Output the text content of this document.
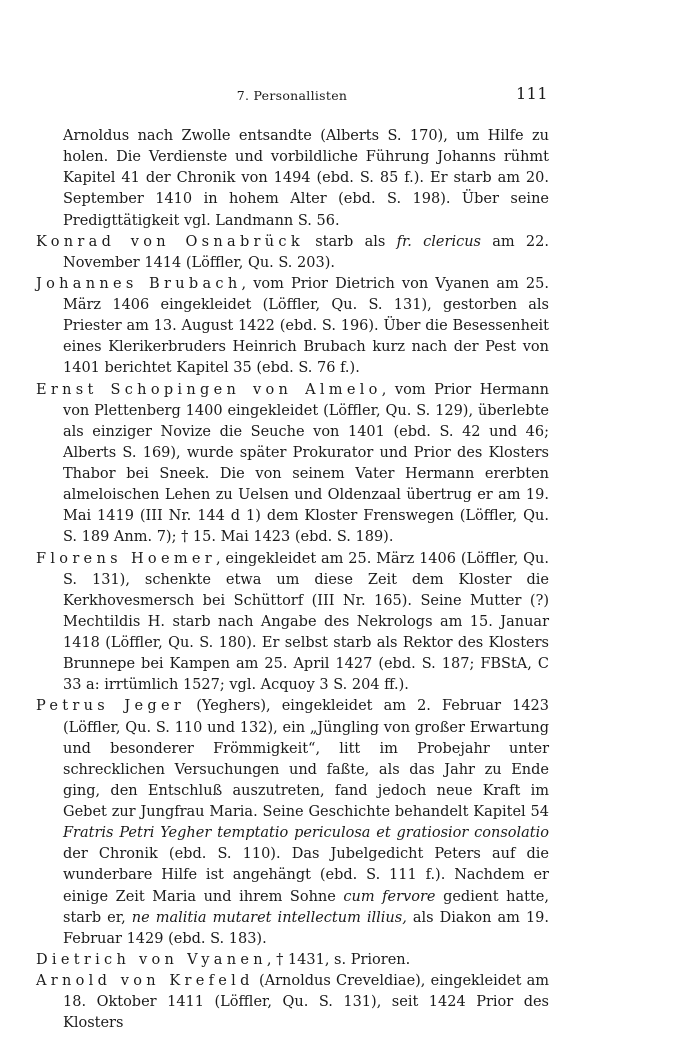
7. Personallisten	111

Arnoldus nach Zwolle entsandte (Alberts S. 170), um Hilfe zu holen. Die Verdienste und vorbildliche Führung Johanns rühmt Kapitel 41 der Chronik von 1494 (ebd. S. 85 f.). Er starb am 20. September 1410 in hohem Alter (ebd. S. 198). Über seine Predigttätigkeit vgl. Landmann S. 56.

Konrad von Osnabrück starb als fr. clericus am 22. November 1414 (Löffler, Qu. S. 203).

Johannes Brubach, vom Prior Dietrich von Vyanen am 25. März 1406 eingekleidet (Löffler, Qu. S. 131), gestorben als Priester am 13. August 1422 (ebd. S. 196). Über die Besessenheit eines Klerikerbruders Heinrich Brubach kurz nach der Pest von 1401 berichtet Kapitel 35 (ebd. S. 76 f.).

Ernst Schopingen von Almelo, vom Prior Hermann von Plettenberg 1400 eingekleidet (Löffler, Qu. S. 129), überlebte als einziger Novize die Seuche von 1401 (ebd. S. 42 und 46; Alberts S. 169), wurde später Prokurator und Prior des Klosters Thabor bei Sneek. Die von seinem Vater Hermann ererbten almeloischen Lehen zu Uelsen und Oldenzaal übertrug er am 19. Mai 1419 (III Nr. 144 d 1) dem Kloster Frenswegen (Löffler, Qu. S. 189 Anm. 7); † 15. Mai 1423 (ebd. S. 189).

Florens Hoemer, eingekleidet am 25. März 1406 (Löffler, Qu. S. 131), schenkte etwa um diese Zeit dem Kloster die Kerkhovesmersch bei Schüttorf (III Nr. 165). Seine Mutter (?) Mechtildis H. starb nach Angabe des Nekrologs am 15. Januar 1418 (Löffler, Qu. S. 180). Er selbst starb als Rektor des Klosters Brunnepe bei Kampen am 25. April 1427 (ebd. S. 187; FBStA, C 33 a: irrtümlich 1527; vgl. Acquoy 3 S. 204 ff.).

Petrus Jeger (Yeghers), eingekleidet am 2. Februar 1423 (Löffler, Qu. S. 110 und 132), ein „Jüngling von großer Erwartung und besonderer Frömmigkeit“, litt im Probejahr unter schrecklichen Versuchungen und faßte, als das Jahr zu Ende ging, den Entschluß auszutreten, fand jedoch neue Kraft im Gebet zur Jungfrau Maria. Seine Geschichte behandelt Kapitel 54 Fratris Petri Yegher temptatio periculosa et gratiosior consolatio der Chronik (ebd. S. 110). Das Jubelgedicht Peters auf die wunderbare Hilfe ist angehängt (ebd. S. 111 f.). Nachdem er einige Zeit Maria und ihrem Sohne cum fervore gedient hatte, starb er, ne malitia mutaret intellectum illius, als Diakon am 19. Februar 1429 (ebd. S. 183).

Dietrich von Vyanen, † 1431, s. Prioren.

Arnold von Krefeld (Arnoldus Creveldiae), eingekleidet am 18. Oktober 1411 (Löffler, Qu. S. 131), seit 1424 Prior des Klosters
